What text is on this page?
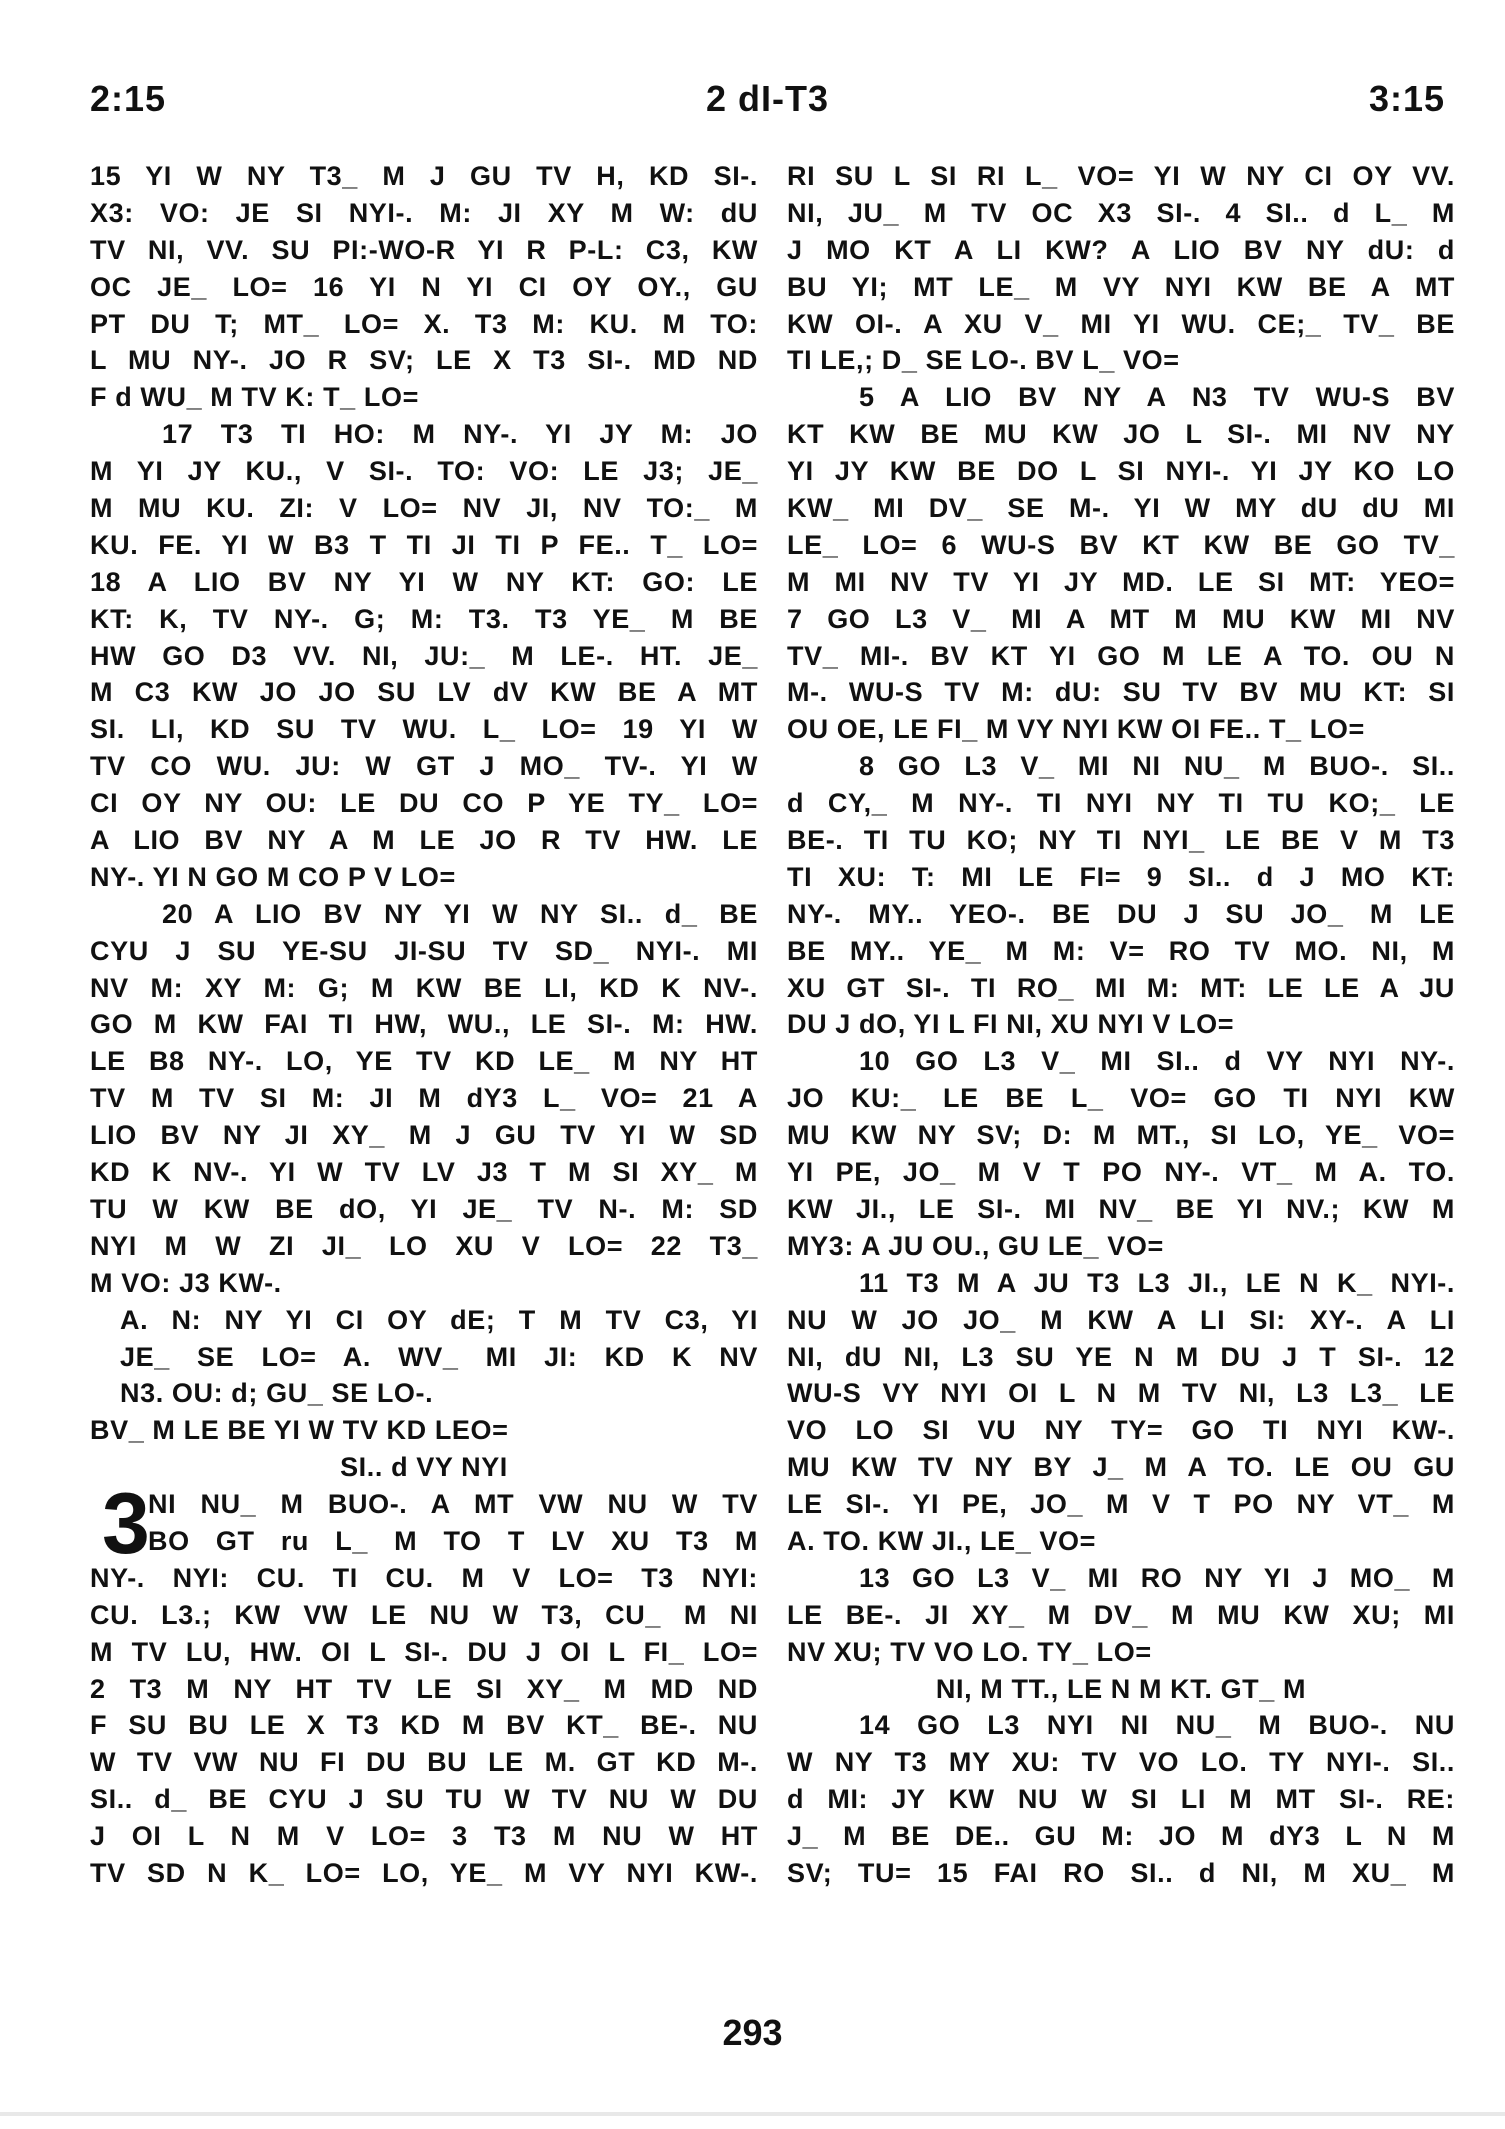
2:15	2 dI-T3	3:15
15 YI W NY T3_ M J GU TV H, KD SI-.
X3: VO: JE SI NYI-. M: JI XY M W: dU
TV NI, VV. SU PI:-WO-R YI R P-L: C3, KW
OC JE_ LO= 16 YI N YI CI OY OY., GU
PT DU T; MT_ LO= X. T3 M: KU. M TO:
L MU NY-. JO R SV; LE X T3 SI-. MD ND
F d WU_ M TV K: T_ LO=
17 T3 TI HO: M NY-. YI JY M: JO
M YI JY KU., V SI-. TO: VO: LE J3; JE_
M MU KU. ZI: V LO= NV JI, NV TO:_ M
KU. FE. YI W B3 T TI JI TI P FE.. T_ LO=
18 A LIO BV NY YI W NY KT: GO: LE
KT: K, TV NY-. G; M: T3. T3 YE_ M BE
HW GO D3 VV. NI, JU:_ M LE-. HT. JE_
M C3 KW JO JO SU LV dV KW BE A MT
SI. LI, KD SU TV WU. L_ LO= 19 YI W
TV CO WU. JU: W GT J MO_ TV-. YI W
CI OY NY OU: LE DU CO P YE TY_ LO=
A LIO BV NY A M LE JO R TV HW. LE
NY-. YI N GO M CO P V LO=
20 A LIO BV NY YI W NY SI.. d_ BE
CYU J SU YE-SU JI-SU TV SD_ NYI-. MI
NV M: XY M: G; M KW BE LI, KD K NV-.
GO M KW FAI TI HW, WU., LE SI-. M: HW.
LE B8 NY-. LO, YE TV KD LE_ M NY HT
TV M TV SI M: JI M dY3 L_ VO= 21 A
LIO BV NY JI XY_ M J GU TV YI W SD
KD K NV-. YI W TV LV J3 T M SI XY_ M
TU W KW BE dO, YI JE_ TV N-. M: SD
NYI M W ZI JI_ LO XU V LO= 22 T3_
M VO: J3 KW-.
A. N: NY YI CI OY dE; T M TV C3, YI
JE_ SE LO= A. WV_ MI JI: KD K NV
N3. OU: d; GU_ SE LO-.
BV_ M LE BE YI W TV KD LEO=
SI.. d VY NYI
3
NI NU_ M BUO-. A MT VW NU W TV
BO GT ru L_ M TO T LV XU T3 M
NY-. NYI: CU. TI CU. M V LO= T3 NYI:
CU. L3.; KW VW LE NU W T3, CU_ M NI
M TV LU, HW. OI L SI-. DU J OI L FI_ LO=
2 T3 M NY HT TV LE SI XY_ M MD ND
F SU BU LE X T3 KD M BV KT_ BE-. NU
W TV VW NU FI DU BU LE M. GT KD M-.
SI.. d_ BE CYU J SU TU W TV NU W DU
J OI L N M V LO= 3 T3 M NU W HT
TV SD N K_ LO= LO, YE_ M VY NYI KW-.
RI SU L SI RI L_ VO= YI W NY CI OY VV.
NI, JU_ M TV OC X3 SI-. 4 SI.. d L_ M
J MO KT A LI KW? A LIO BV NY dU: d
BU YI; MT LE_ M VY NYI KW BE A MT
KW OI-. A XU V_ MI YI WU. CE;_ TV_ BE
TI LE,; D_ SE LO-. BV L_ VO=
5 A LIO BV NY A N3 TV WU-S BV
KT KW BE MU KW JO L SI-. MI NV NY
YI JY KW BE DO L SI NYI-. YI JY KO LO
KW_ MI DV_ SE M-. YI W MY dU dU MI
LE_ LO= 6 WU-S BV KT KW BE GO TV_
M MI NV TV YI JY MD. LE SI MT: YEO=
7 GO L3 V_ MI A MT M MU KW MI NV
TV_ MI-. BV KT YI GO M LE A TO. OU N
M-. WU-S TV M: dU: SU TV BV MU KT: SI
OU OE, LE FI_ M VY NYI KW OI FE.. T_ LO=
8 GO L3 V_ MI NI NU_ M BUO-. SI..
d CY,_ M NY-. TI NYI NY TI TU KO;_ LE
BE-. TI TU KO; NY TI NYI_ LE BE V M T3
TI XU: T: MI LE FI= 9 SI.. d J MO KT:
NY-. MY.. YEO-. BE DU J SU JO_ M LE
BE MY.. YE_ M M: V= RO TV MO. NI, M
XU GT SI-. TI RO_ MI M: MT: LE LE A JU
DU J dO, YI L FI NI, XU NYI V LO=
10 GO L3 V_ MI SI.. d VY NYI NY-.
JO KU:_ LE BE L_ VO= GO TI NYI KW
MU KW NY SV; D: M MT., SI LO, YE_ VO=
YI PE, JO_ M V T PO NY-. VT_ M A. TO.
KW JI., LE SI-. MI NV_ BE YI NV.; KW M
MY3: A JU OU., GU LE_ VO=
11 T3 M A JU T3 L3 JI., LE N K_ NYI-.
NU W JO JO_ M KW A LI SI: XY-. A LI
NI, dU NI, L3 SU YE N M DU J T SI-. 12
WU-S VY NYI OI L N M TV NI, L3 L3_ LE
VO LO SI VU NY TY= GO TI NYI KW-.
MU KW TV NY BY J_ M A TO. LE OU GU
LE SI-. YI PE, JO_ M V T PO NY VT_ M
A. TO. KW JI., LE_ VO=
13 GO L3 V_ MI RO NY YI J MO_ M
LE BE-. JI XY_ M DV_ M MU KW XU; MI
NV XU; TV VO LO. TY_ LO=
NI, M TT., LE N M KT. GT_ M
14 GO L3 NYI NI NU_ M BUO-. NU
W NY T3 MY XU: TV VO LO. TY NYI-. SI..
d MI: JY KW NU W SI LI M MT SI-. RE:
J_ M BE DE.. GU M: JO M dY3 L N M
SV; TU= 15 FAI RO SI.. d NI, M XU_ M
293
